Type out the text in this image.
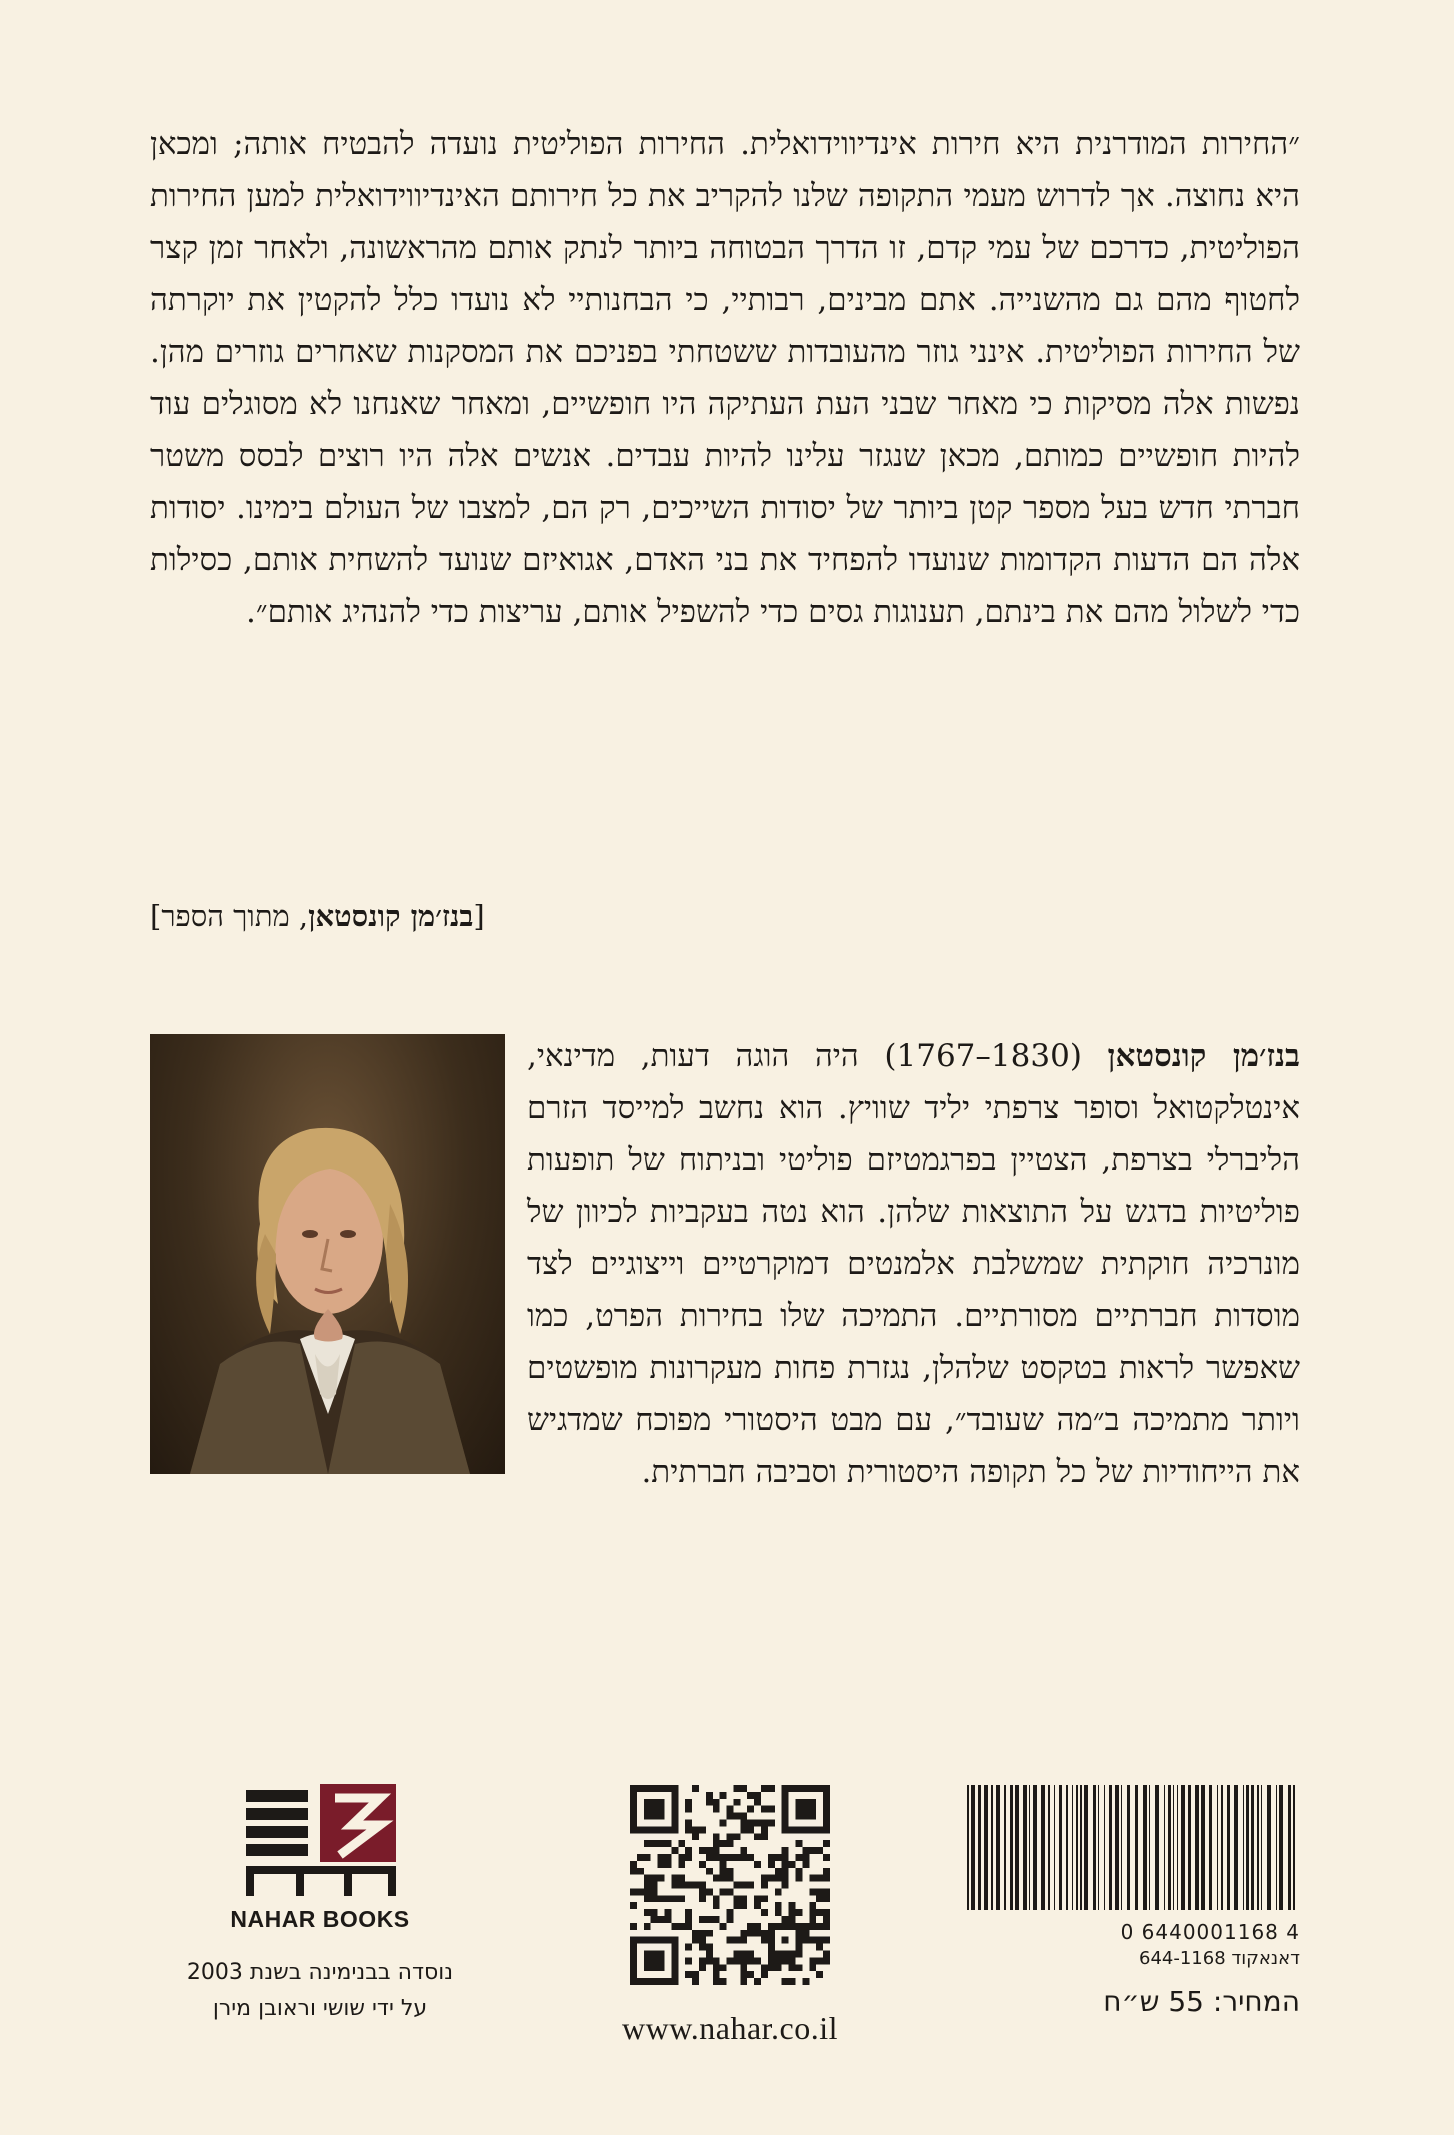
״החירות המודרנית היא חירות אינדיווידואלית. החירות הפוליטית נועדה להבטיח אותה; ומכאן היא נחוצה. אך לדרוש מעמי התקופה שלנו להקריב את כל חירותם האינדיווידואלית למען החירות הפוליטית, כדרכם של עמי קדם, זו הדרך הבטוחה ביותר לנתק אותם מהראשונה, ולאחר זמן קצר לחטוף מהם גם מהשנייה. אתם מבינים, רבותיי, כי הבחנותיי לא נועדו כלל להקטין את יוקרתה של החירות הפוליטית. אינני גוזר מהעובדות ששטחתי בפניכם את המסקנות שאחרים גוזרים מהן. נפשות אלה מסיקות כי מאחר שבני העת העתיקה היו חופשיים, ומאחר שאנחנו לא מסוגלים עוד להיות חופשיים כמותם, מכאן שנגזר עלינו להיות עבדים. אנשים אלה היו רוצים לבסס משטר חברתי חדש בעל מספר קטן ביותר של יסודות השייכים, רק הם, למצבו של העולם בימינו. יסודות אלה הם הדעות הקדומות שנועדו להפחיד את בני האדם, אגואיזם שנועד להשחית אותם, כסילות כדי לשלול מהם את בינתם, תענוגות גסים כדי להשפיל אותם, עריצות כדי להנהיג אותם״.
[בנז׳מן קונסטאן, מתוך הספר]
בנז׳מן קונסטאן (1830–1767) היה הוגה דעות, מדינאי, אינטלקטואל וסופר צרפתי יליד שוויץ. הוא נחשב למייסד הזרם הליברלי בצרפת, הצטיין בפרגמטיזם פוליטי ובניתוח של תופעות פוליטיות בדגש על התוצאות שלהן. הוא נטה בעקביות לכיוון של מונרכיה חוקתית שמשלבת אלמנטים דמוקרטיים וייצוגיים לצד מוסדות חברתיים מסורתיים. התמיכה שלו בחירות הפרט, כמו שאפשר לראות בטקסט שלהלן, נגזרת פחות מעקרונות מופשטים ויותר מתמיכה ב״מה שעובד״, עם מבט היסטורי מפוכח שמדגיש את הייחודיות של כל תקופה היסטורית וסביבה חברתית.
NAHAR BOOKS
נוסדה בבנימינה בשנת 2003
על ידי שושי וראובן מירן
www.nahar.co.il
0 6440001168 4
דאנאקוד 644-1168
המחיר: 55 ש״ח
